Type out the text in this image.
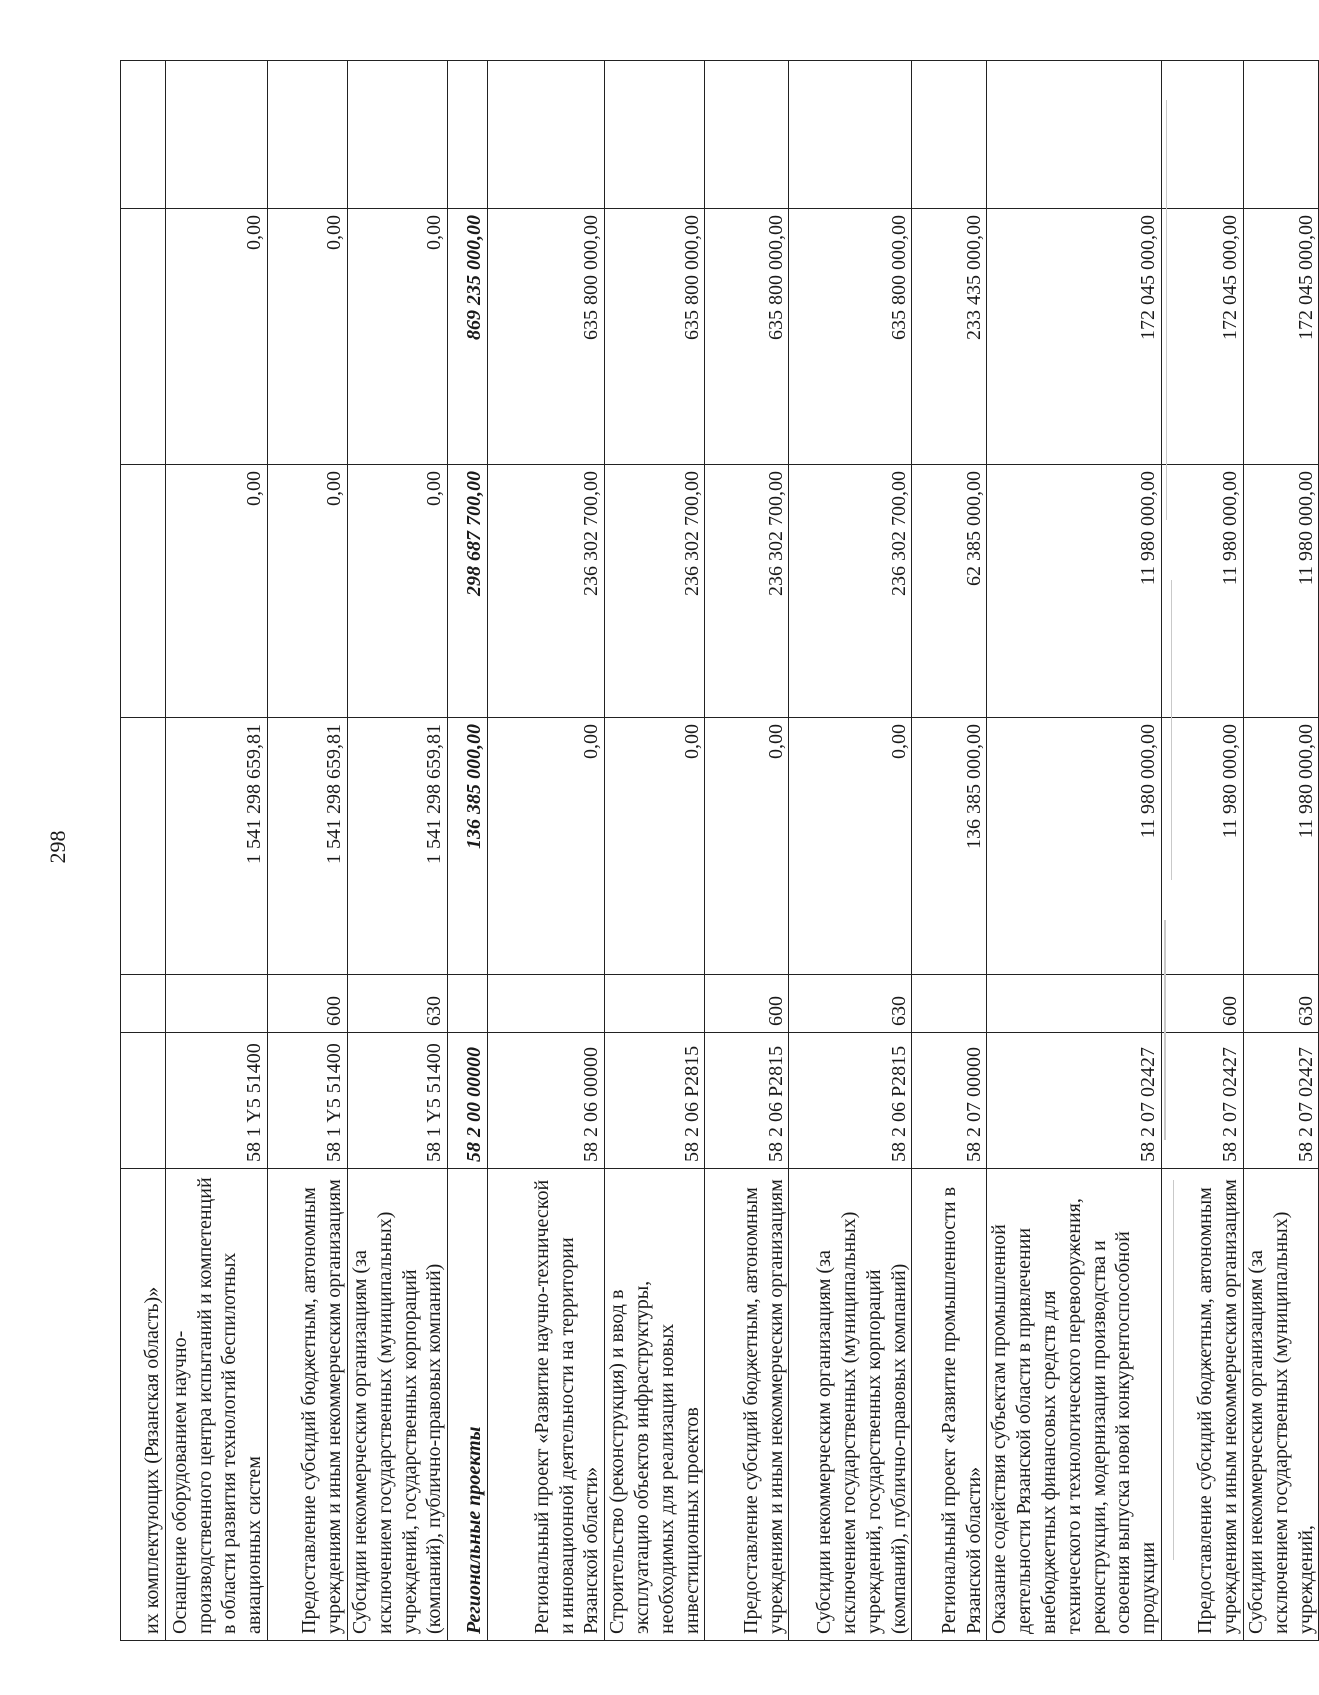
298
их комплектующих (Рязанская область)»						
Оснащение оборудованием научно-производственного центра испытаний и компетенций в области развития технологий беспилотных авиационных систем	58 1 Y5 51400		1 541 298 659,81	0,00	0,00	
Предоставление субсидий бюджетным, автономным учреждениям и иным некоммерческим организациям	58 1 Y5 51400	600	1 541 298 659,81	0,00	0,00	
Субсидии некоммерческим организациям (за исключением государственных (муниципальных) учреждений, государственных корпораций (компаний), публично-правовых компаний)	58 1 Y5 51400	630	1 541 298 659,81	0,00	0,00	
Региональные проекты	58 2 00 00000		136 385 000,00	298 687 700,00	869 235 000,00	
Региональный проект «Развитие научно-технической и инновационной деятельности на территории Рязанской области»	58 2 06 00000		0,00	236 302 700,00	635 800 000,00	
Строительство (реконструкция) и ввод в эксплуатацию объектов инфраструктуры, необходимых для реализации новых инвестиционных проектов	58 2 06 P2815		0,00	236 302 700,00	635 800 000,00	
Предоставление субсидий бюджетным, автономным учреждениям и иным некоммерческим организациям	58 2 06 P2815	600	0,00	236 302 700,00	635 800 000,00	
Субсидии некоммерческим организациям (за исключением государственных (муниципальных) учреждений, государственных корпораций (компаний), публично-правовых компаний)	58 2 06 P2815	630	0,00	236 302 700,00	635 800 000,00	
Региональный проект «Развитие промышленности в Рязанской области»	58 2 07 00000		136 385 000,00	62 385 000,00	233 435 000,00	
Оказание содействия субъектам промышленной деятельности Рязанской области в привлечении внебюджетных финансовых средств для технического и технологического перевооружения, реконструкции, модернизации производства и освоения выпуска новой конкурентоспособной продукции	58 2 07 02427		11 980 000,00	11 980 000,00	172 045 000,00	
Предоставление субсидий бюджетным, автономным учреждениям и иным некоммерческим организациям	58 2 07 02427	600	11 980 000,00	11 980 000,00	172 045 000,00	
Субсидии некоммерческим организациям (за исключением государственных (муниципальных) учреждений,	58 2 07 02427	630	11 980 000,00	11 980 000,00	172 045 000,00	
